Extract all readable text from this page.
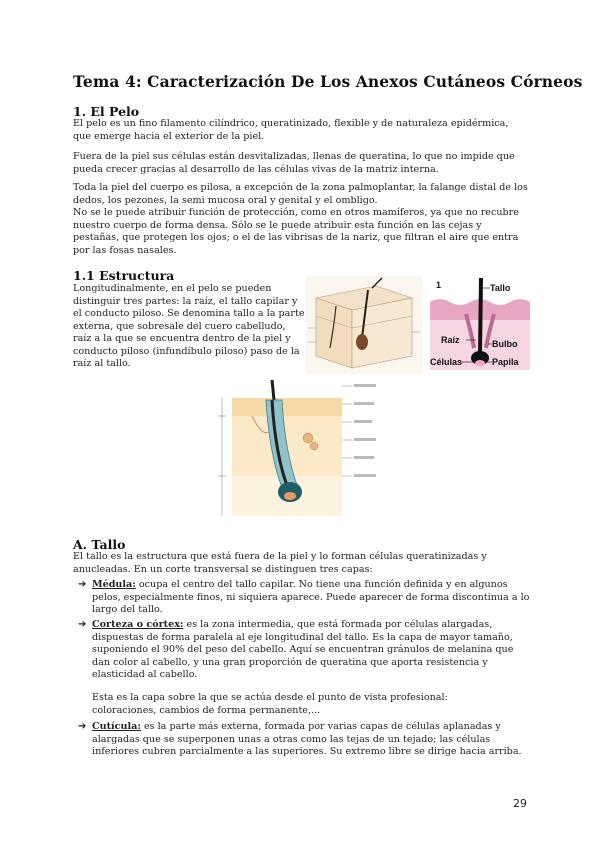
Tema 4: Caracterización De Los Anexos Cutáneos Córneos
1. El Pelo

El pelo es un fino filamento cilíndrico, queratinizado, flexible y de naturaleza epidérmica, que emerge hacia el exterior de la piel.

Fuera de la piel sus células están desvitalizadas, llenas de queratina, lo que no impide que pueda crecer gracias al desarrollo de las células vivas de la matriz interna.

Toda la piel del cuerpo es pilosa, a excepción de la zona palmoplantar, la falange distal de los dedos, los pezones, la semi mucosa oral y genital y el ombligo.

No se le puede atribuir función de protección, como en otros mamíferos, ya que no recubre nuestro cuerpo de forma densa. Sólo se le puede atribuir esta función en las cejas y pestañas, que protegen los ojos; o el de las vibrisas de la nariz, que filtran el aire que entra por las fosas nasales.

1.1 Estructura

Longitudinalmente, en el pelo se pueden distinguir tres partes: la raíz, el tallo capilar y el conducto piloso. Se denomina tallo a la parte externa, que sobresale del cuero cabelludo, raíz a la que se encuentra dentro de la piel y conducto piloso (infundíbulo piloso) paso de la raíz al tallo.

1	Tallo
Raíz	Bulbo
Células	Papila
A. Tallo

El tallo es la estructura que está fuera de la piel y lo forman células queratinizadas y anucleadas. En un corte transversal se distinguen tres capas:

➔ Médula: ocupa el centro del tallo capilar. No tiene una función definida y en algunos pelos, especialmente finos, ni siquiera aparece. Puede aparecer de forma discontinua a lo largo del tallo.
➔ Corteza o córtex: es la zona intermedia, que está formada por células alargadas, dispuestas de forma paralela al eje longitudinal del tallo. Es la capa de mayor tamaño, suponiendo el 90% del peso del cabello. Aquí se encuentran gránulos de melanina que dan color al cabello, y una gran proporción de queratina que aporta resistencia y elasticidad al cabello.

Esta es la capa sobre la que se actúa desde el punto de vista profesional: coloraciones, cambios de forma permanente,...

➔ Cutícula: es la parte más externa, formada por varias capas de células aplanadas y alargadas que se superponen unas a otras como las tejas de un tejado; las células inferiores cubren parcialmente a las superiores. Su extremo libre se dirige hacia arriba.
29
